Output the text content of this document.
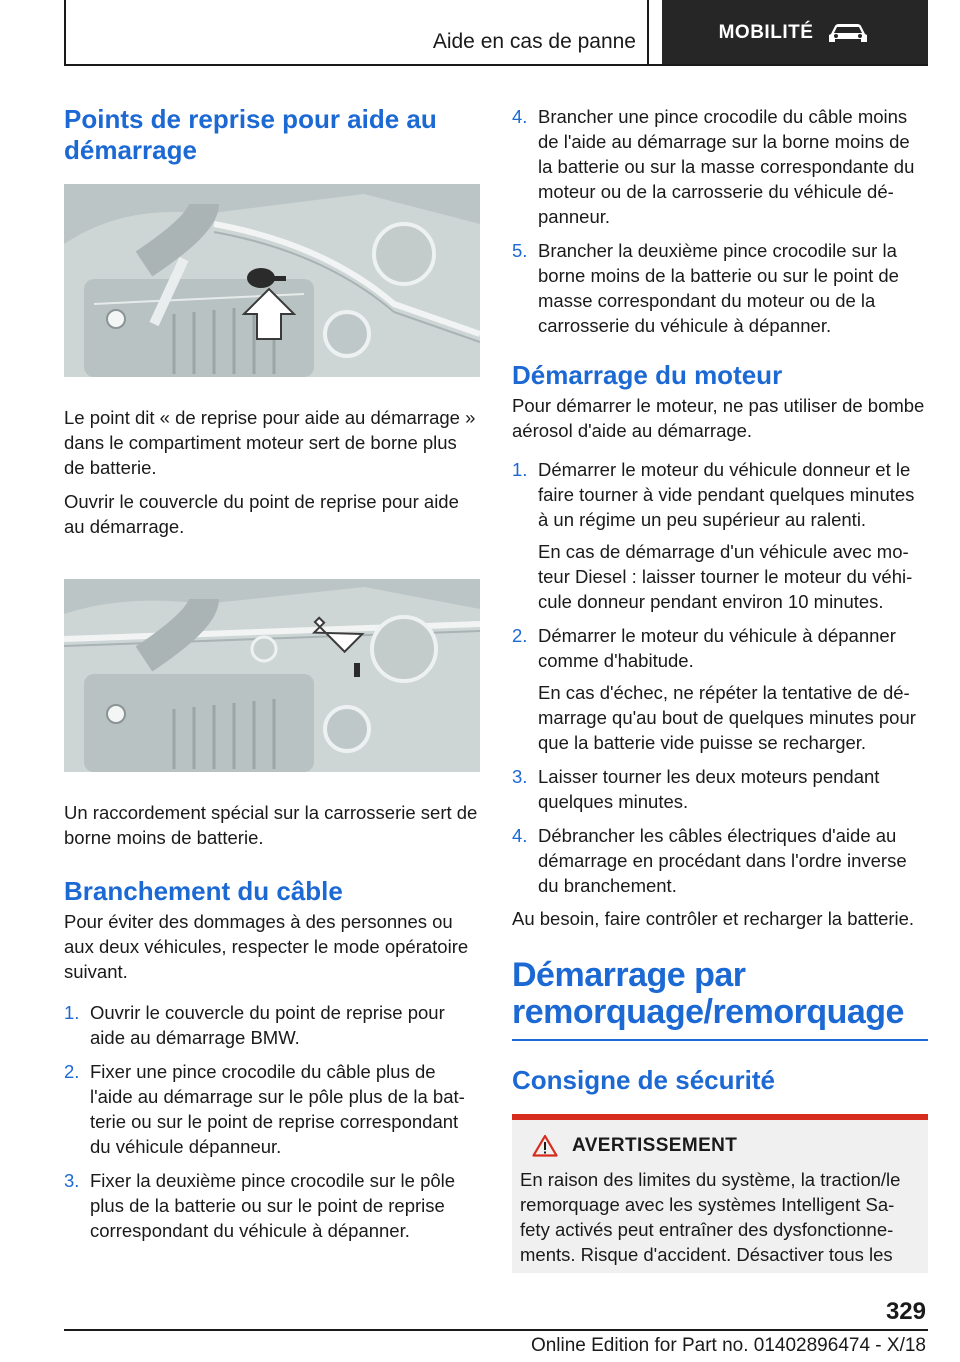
Aide en cas de panne	MOBILITÉ
Points de reprise pour aide au démarrage

Le point dit « de reprise pour aide au démarrage » dans le compartiment moteur sert de borne plus de batterie.

Ouvrir le couvercle du point de reprise pour aide au démarrage.

Un raccordement spécial sur la carrosserie sert de borne moins de batterie.

Branchement du câble

Pour éviter des dommages à des personnes ou aux deux véhicules, respecter le mode opératoire suivant.

1. Ouvrir le couvercle du point de reprise pour aide au démarrage BMW.
2. Fixer une pince crocodile du câble plus de l'aide au démarrage sur le pôle plus de la batterie ou sur le point de reprise correspondant du véhicule dépanneur.
3. Fixer la deuxième pince crocodile sur le pôle plus de la batterie ou sur le point de reprise correspondant du véhicule à dépanner.
4. Brancher une pince crocodile du câble moins de l'aide au démarrage sur la borne moins de la batterie ou sur la masse correspondante du moteur ou de la carrosserie du véhicule dépanneur.
5. Brancher la deuxième pince crocodile sur la borne moins de la batterie ou sur le point de masse correspondant du moteur ou de la carrosserie du véhicule à dépanner.
Démarrage du moteur

Pour démarrer le moteur, ne pas utiliser de bombe aérosol d'aide au démarrage.

1. Démarrer le moteur du véhicule donneur et le faire tourner à vide pendant quelques minutes à un régime un peu supérieur au ralenti.
En cas de démarrage d'un véhicule avec moteur Diesel : laisser tourner le moteur du véhicule donneur pendant environ 10 minutes.
2. Démarrer le moteur du véhicule à dépanner comme d'habitude.
En cas d'échec, ne répéter la tentative de démarrage qu'au bout de quelques minutes pour que la batterie vide puisse se recharger.
3. Laisser tourner les deux moteurs pendant quelques minutes.
4. Débrancher les câbles électriques d'aide au démarrage en procédant dans l'ordre inverse du branchement.

Au besoin, faire contrôler et recharger la batterie.

Démarrage par remorquage/remorquage
Consigne de sécurité
AVERTISSEMENT
En raison des limites du système, la traction/le remorquage avec les systèmes Intelligent Safety activés peut entraîner des dysfonctionnements. Risque d'accident. Désactiver tous les
329
Online Edition for Part no. 01402896474 - X/18
